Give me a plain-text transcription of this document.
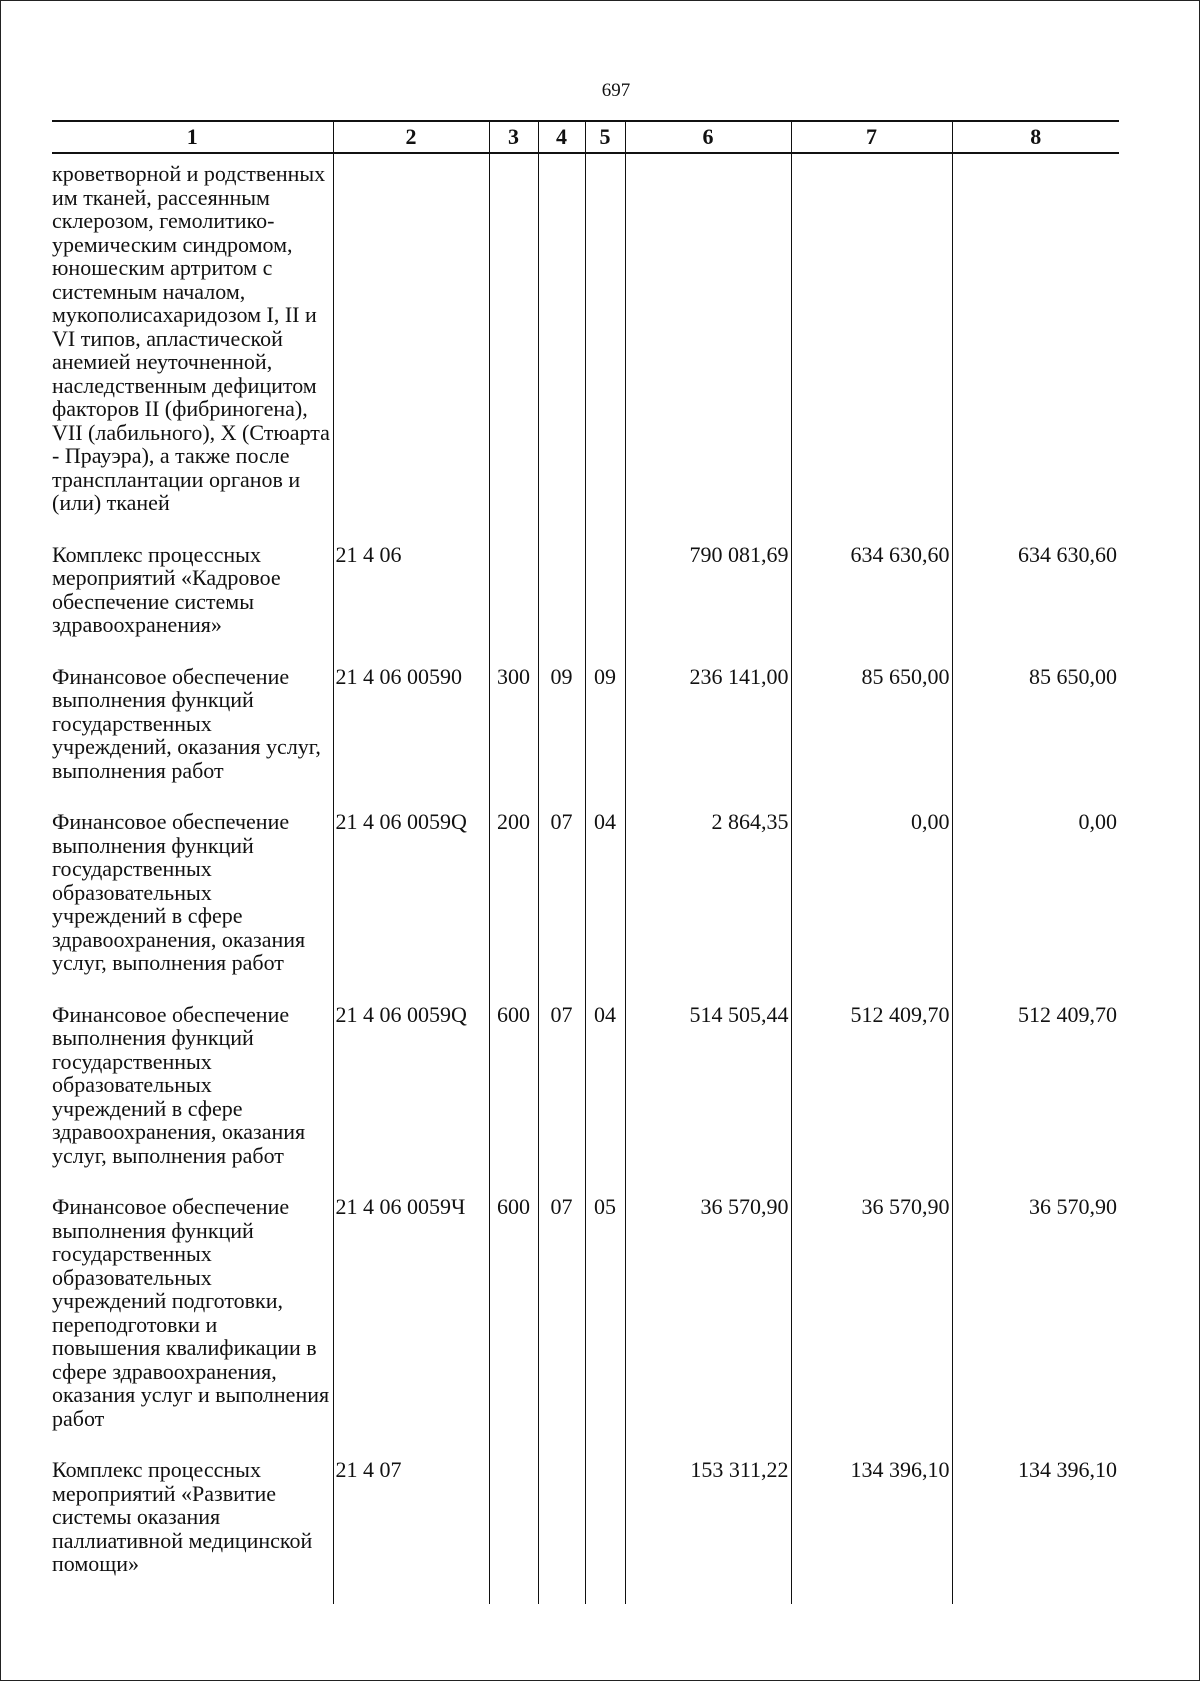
697
1	2	3	4	5	6	7	8
кроветворной и родственных им тканей, рассеянным склерозом, гемолитико-уремическим синдромом, юношеским артритом с системным началом, мукополисахаридозом I, II и VI типов, апластической анемией неуточненной, наследственным дефицитом факторов II (фибриногена), VII (лабильного), X (Стюарта - Прауэра), а также после трансплантации органов и (или) тканей							
Комплекс процессных мероприятий «Кадровое обеспечение системы здравоохранения»	21 4 06				790 081,69	634 630,60	634 630,60
Финансовое обеспечение выполнения функций государственных учреждений, оказания услуг, выполнения работ	21 4 06 00590	300	09	09	236 141,00	85 650,00	85 650,00
Финансовое обеспечение выполнения функций государственных образовательных учреждений в сфере здравоохранения, оказания услуг, выполнения работ	21 4 06 0059Q	200	07	04	2 864,35	0,00	0,00
Финансовое обеспечение выполнения функций государственных образовательных учреждений в сфере здравоохранения, оказания услуг, выполнения работ	21 4 06 0059Q	600	07	04	514 505,44	512 409,70	512 409,70
Финансовое обеспечение выполнения функций государственных образовательных учреждений подготовки, переподготовки и повышения квалификации в сфере здравоохранения, оказания услуг и выполнения работ	21 4 06 0059Ч	600	07	05	36 570,90	36 570,90	36 570,90
Комплекс процессных мероприятий «Развитие системы оказания паллиативной медицинской помощи»	21 4 07				153 311,22	134 396,10	134 396,10
